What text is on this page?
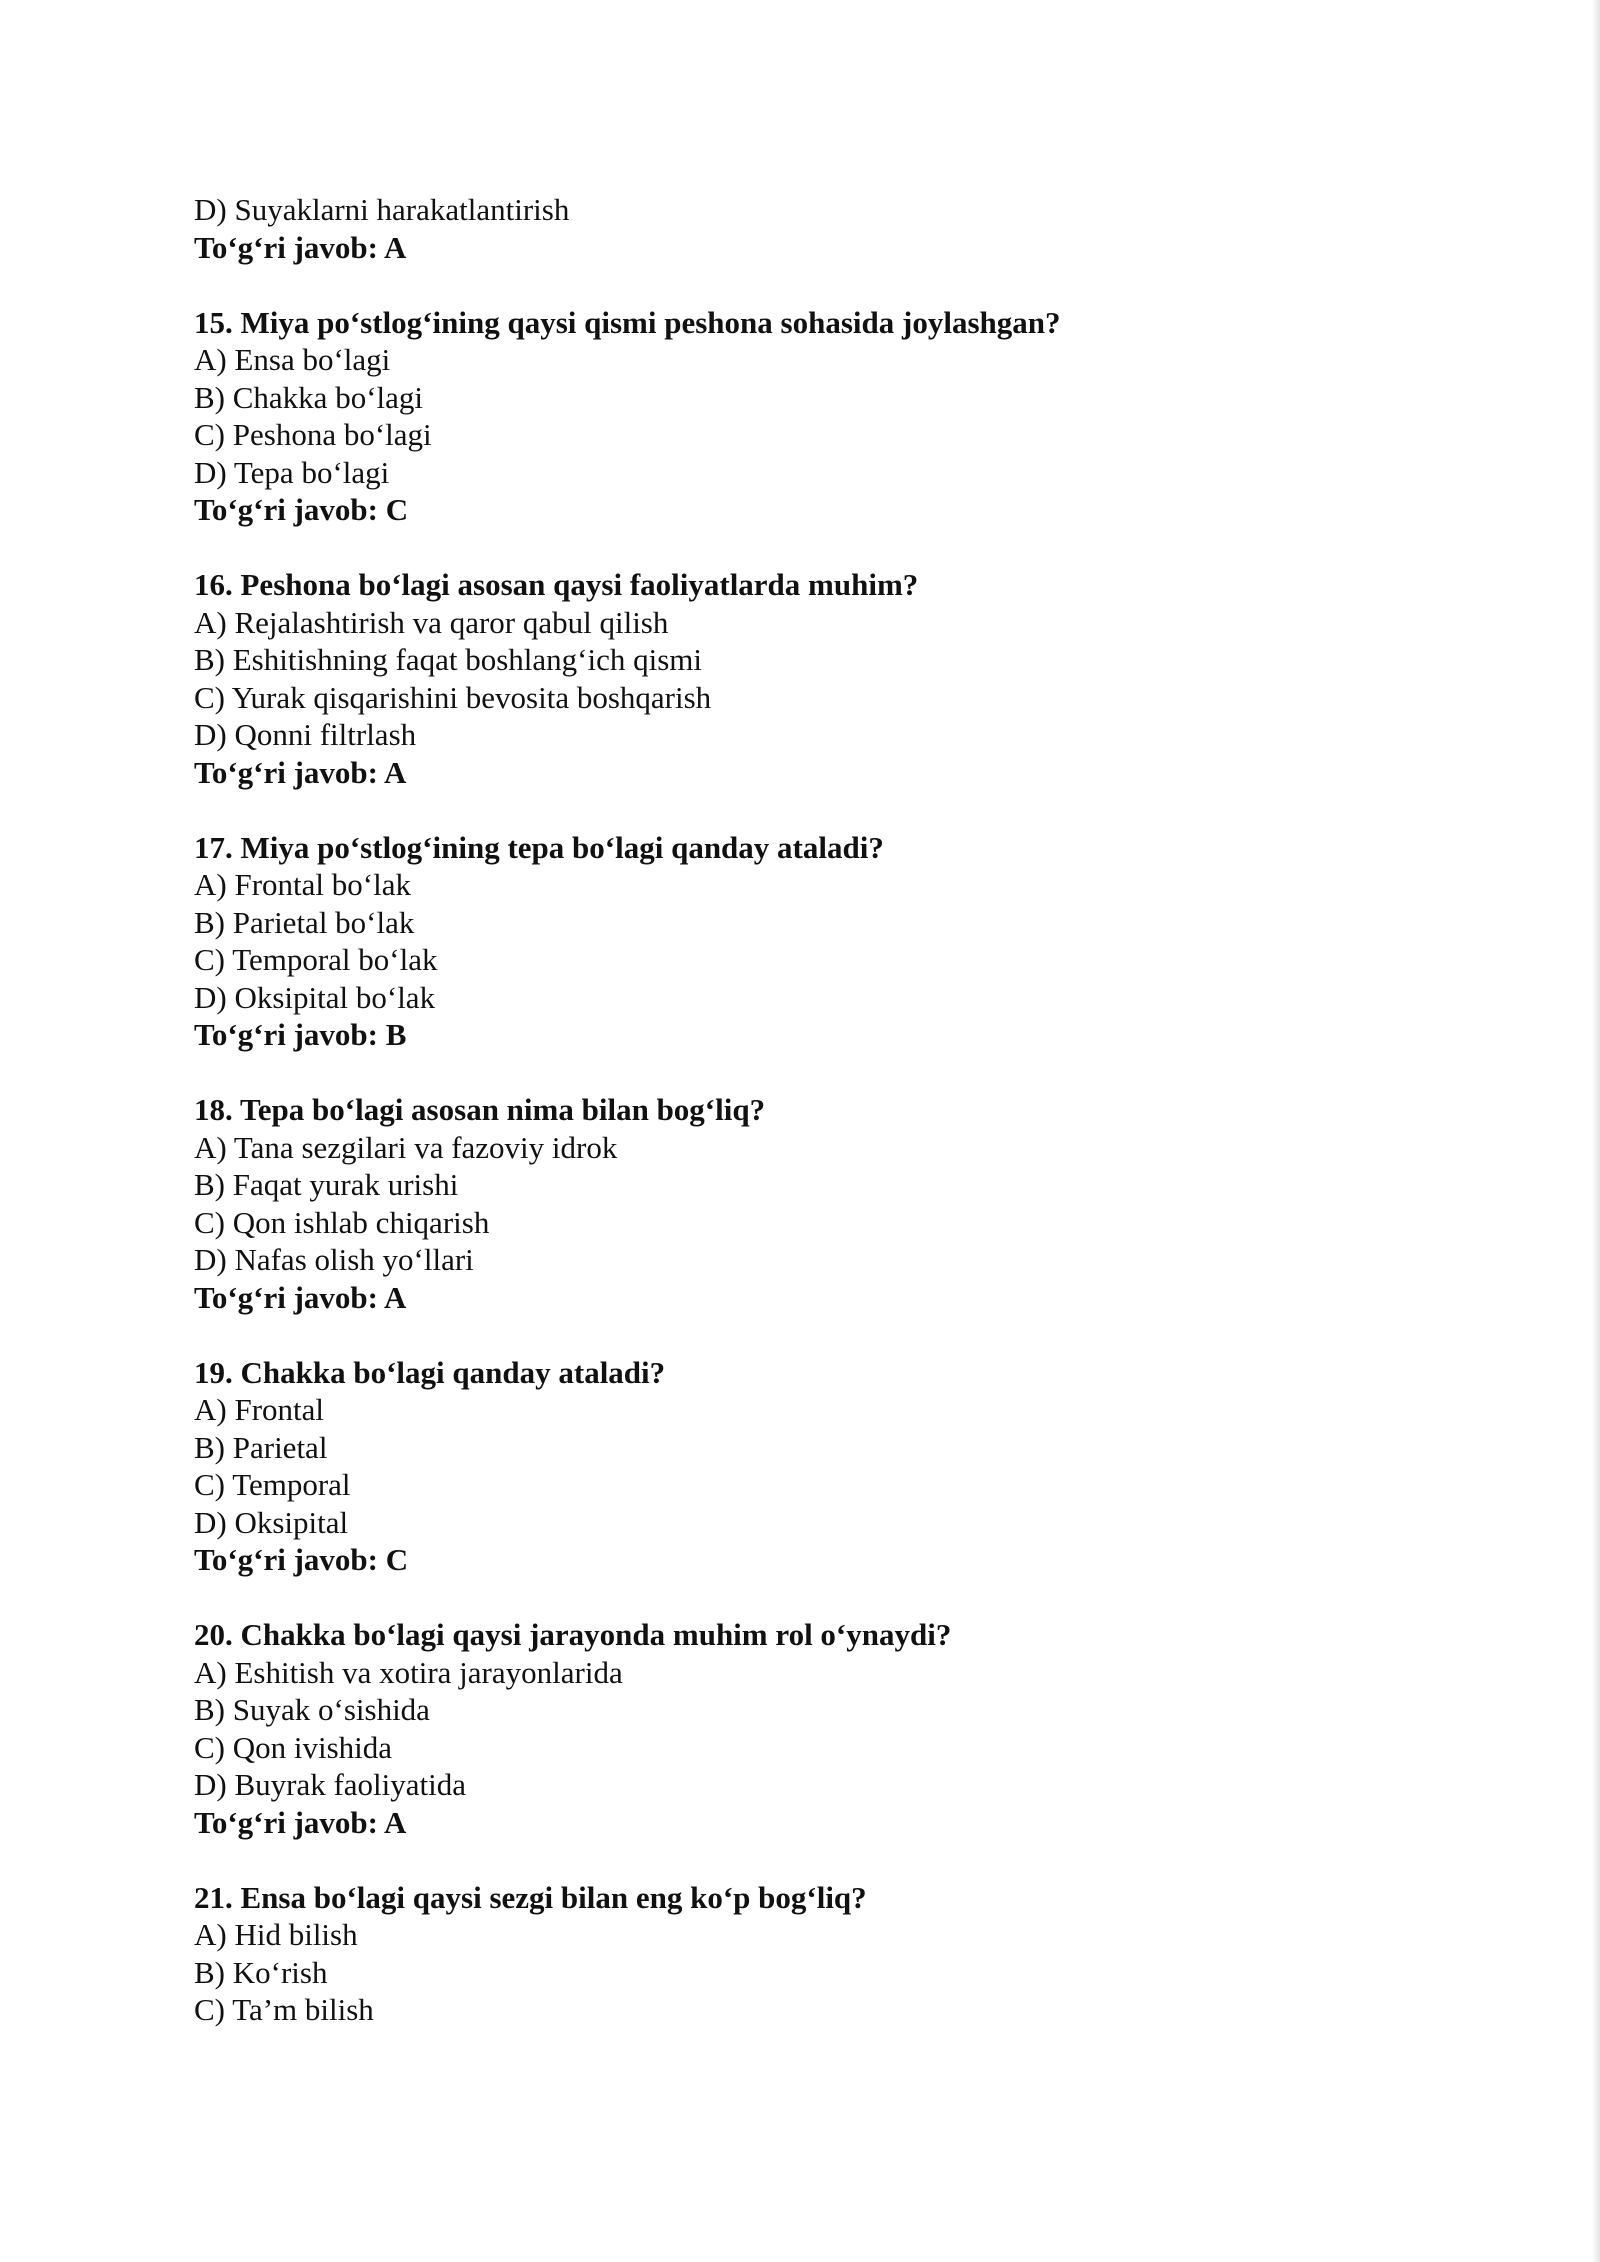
D) Suyaklarni harakatlantirish
To‘g‘ri javob: A
15. Miya po‘stlog‘ining qaysi qismi peshona sohasida joylashgan?
A) Ensa bo‘lagi
B) Chakka bo‘lagi
C) Peshona bo‘lagi
D) Tepa bo‘lagi
To‘g‘ri javob: C
16. Peshona bo‘lagi asosan qaysi faoliyatlarda muhim?
A) Rejalashtirish va qaror qabul qilish
B) Eshitishning faqat boshlang‘ich qismi
C) Yurak qisqarishini bevosita boshqarish
D) Qonni filtrlash
To‘g‘ri javob: A
17. Miya po‘stlog‘ining tepa bo‘lagi qanday ataladi?
A) Frontal bo‘lak
B) Parietal bo‘lak
C) Temporal bo‘lak
D) Oksipital bo‘lak
To‘g‘ri javob: B
18. Tepa bo‘lagi asosan nima bilan bog‘liq?
A) Tana sezgilari va fazoviy idrok
B) Faqat yurak urishi
C) Qon ishlab chiqarish
D) Nafas olish yo‘llari
To‘g‘ri javob: A
19. Chakka bo‘lagi qanday ataladi?
A) Frontal
B) Parietal
C) Temporal
D) Oksipital
To‘g‘ri javob: C
20. Chakka bo‘lagi qaysi jarayonda muhim rol o‘ynaydi?
A) Eshitish va xotira jarayonlarida
B) Suyak o‘sishida
C) Qon ivishida
D) Buyrak faoliyatida
To‘g‘ri javob: A
21. Ensa bo‘lagi qaysi sezgi bilan eng ko‘p bog‘liq?
A) Hid bilish
B) Ko‘rish
C) Ta’m bilish
